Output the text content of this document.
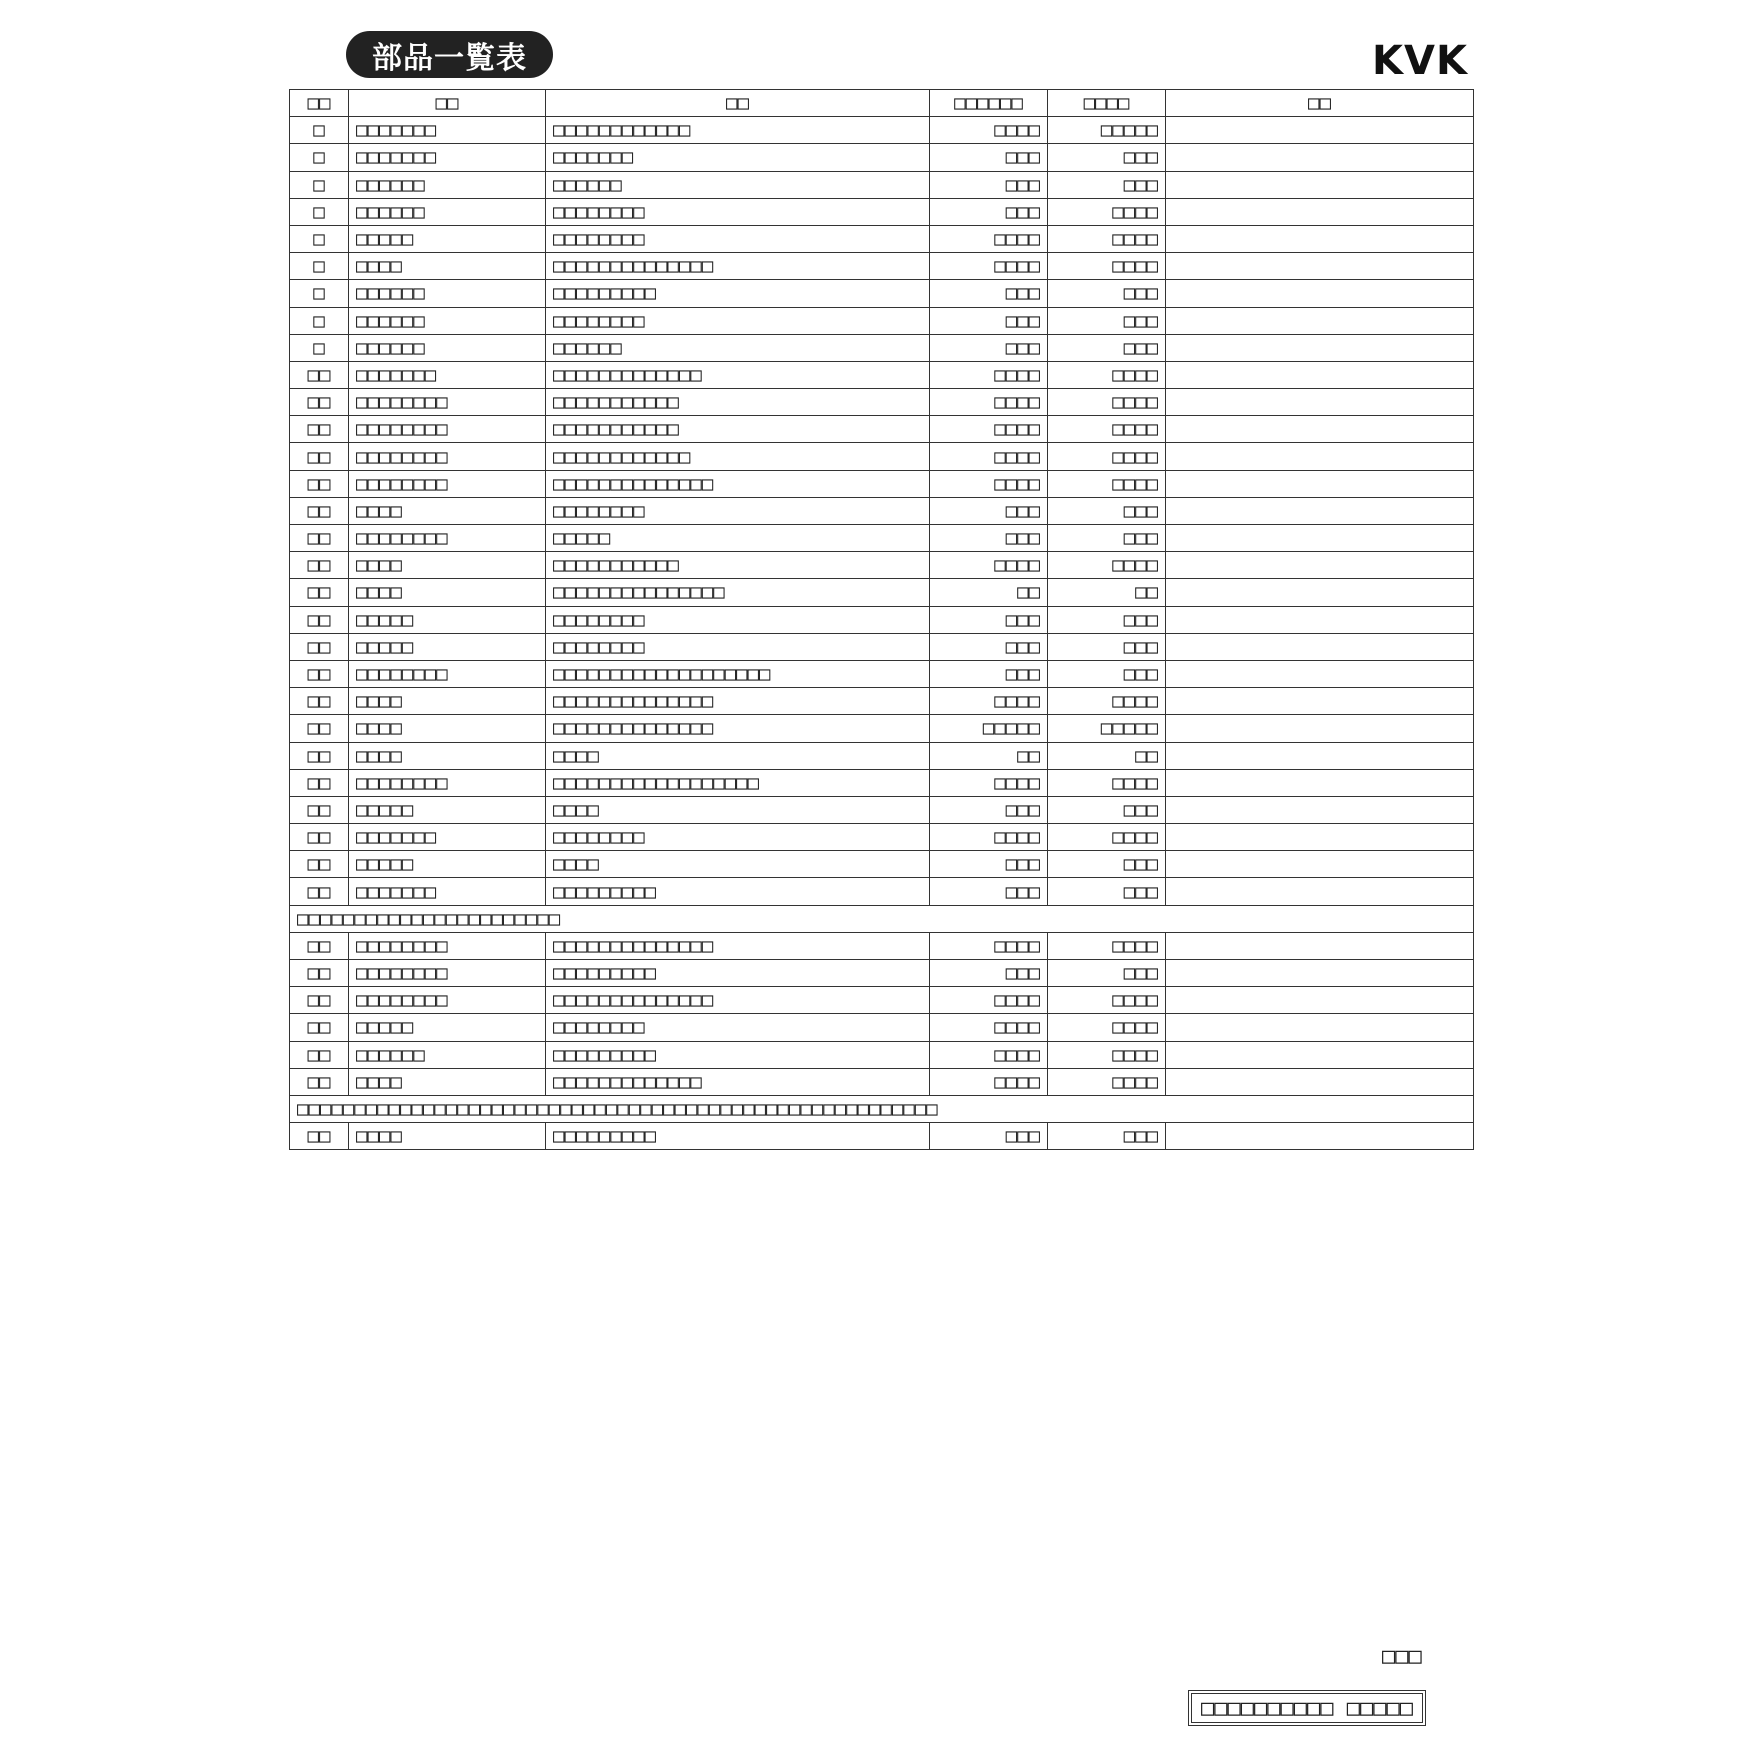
部品一覧表	KVK
□□	□□	□□	□□□□□□	□□□□	□□
□	□□□□□□□	□□□□□□□□□□□□	□□□□	□□□□□	
□	□□□□□□□	□□□□□□□	□□□	□□□	
□	□□□□□□	□□□□□□	□□□	□□□	
□	□□□□□□	□□□□□□□□	□□□	□□□□	
□	□□□□□	□□□□□□□□	□□□□	□□□□	
□	□□□□	□□□□□□□□□□□□□□	□□□□	□□□□	
□	□□□□□□	□□□□□□□□□	□□□	□□□	
□	□□□□□□	□□□□□□□□	□□□	□□□	
□	□□□□□□	□□□□□□	□□□	□□□	
□□	□□□□□□□	□□□□□□□□□□□□□	□□□□	□□□□	
□□	□□□□□□□□	□□□□□□□□□□□	□□□□	□□□□	
□□	□□□□□□□□	□□□□□□□□□□□	□□□□	□□□□	
□□	□□□□□□□□	□□□□□□□□□□□□	□□□□	□□□□	
□□	□□□□□□□□	□□□□□□□□□□□□□□	□□□□	□□□□	
□□	□□□□	□□□□□□□□	□□□	□□□	
□□	□□□□□□□□	□□□□□	□□□	□□□	
□□	□□□□	□□□□□□□□□□□	□□□□	□□□□	
□□	□□□□	□□□□□□□□□□□□□□□	□□	□□	
□□	□□□□□	□□□□□□□□	□□□	□□□	
□□	□□□□□	□□□□□□□□	□□□	□□□	
□□	□□□□□□□□	□□□□□□□□□□□□□□□□□□□	□□□	□□□	
□□	□□□□	□□□□□□□□□□□□□□	□□□□	□□□□	
□□	□□□□	□□□□□□□□□□□□□□	□□□□□	□□□□□	
□□	□□□□	□□□□	□□	□□	
□□	□□□□□□□□	□□□□□□□□□□□□□□□□□□	□□□□	□□□□	
□□	□□□□□	□□□□	□□□	□□□	
□□	□□□□□□□	□□□□□□□□	□□□□	□□□□	
□□	□□□□□	□□□□	□□□	□□□	
□□	□□□□□□□	□□□□□□□□□	□□□	□□□	
□□□□□□□□□□□□□□□□□□□□□□□					
□□	□□□□□□□□	□□□□□□□□□□□□□□	□□□□	□□□□	
□□	□□□□□□□□	□□□□□□□□□	□□□	□□□	
□□	□□□□□□□□	□□□□□□□□□□□□□□	□□□□	□□□□	
□□	□□□□□	□□□□□□□□	□□□□	□□□□	
□□	□□□□□□	□□□□□□□□□	□□□□	□□□□	
□□	□□□□	□□□□□□□□□□□□□	□□□□	□□□□	
□□□□□□□□□□□□□□□□□□□□□□□□□□□□□□□□□□□□□□□□□□□□□□□□□□□□□□□□					
□□	□□□□	□□□□□□□□□	□□□	□□□	
□□□
□□□□□□□□□□ □□□□□
